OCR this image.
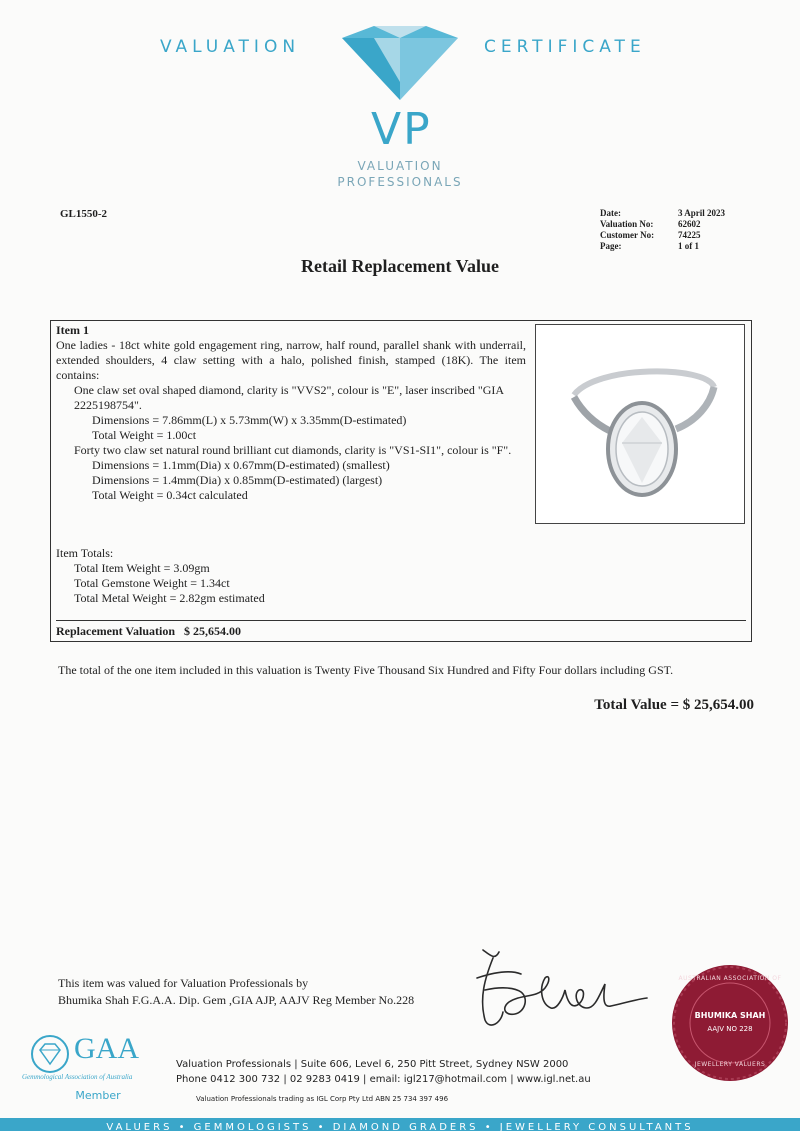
VALUATION	CERTIFICATE
VP
VALUATION
PROFESSIONALS
GL1550-2	Date:
Valuation No:
Customer No:
Page:
3 April 2023
62602
74225
1 of 1
Retail Replacement Value
Item 1
One ladies - 18ct white gold engagement ring, narrow, half round, parallel shank with underrail, extended shoulders, 4 claw setting with a halo, polished finish, stamped (18K). The item contains:
One claw set oval shaped diamond, clarity is "VVS2", colour is "E", laser inscribed "GIA 2225198754".
Dimensions = 7.86mm(L) x 5.73mm(W) x 3.35mm(D-estimated)
Total Weight = 1.00ct
Forty two claw set natural round brilliant cut diamonds, clarity is "VS1-SI1", colour is "F".
Dimensions = 1.1mm(Dia) x 0.67mm(D-estimated) (smallest)
Dimensions = 1.4mm(Dia) x 0.85mm(D-estimated) (largest)
Total Weight = 0.34ct calculated
Item Totals:
Total Item Weight = 3.09gm
Total Gemstone Weight = 1.34ct
Total Metal Weight = 2.82gm estimated
Replacement Valuation $ 25,654.00
The total of the one item included in this valuation is Twenty Five Thousand Six Hundred and Fifty Four dollars including GST.
Total Value = $ 25,654.00
This item was valued for Valuation Professionals by
Bhumika Shah F.G.A.A. Dip. Gem ,GIA AJP, AAJV Reg Member No.228
AUSTRALIAN ASSOCIATION OF
BHUMIKA SHAH
AAJV NO 228
JEWELLERY VALUERS
GAA
Gemmological Association of Australia
Member
Valuation Professionals | Suite 606, Level 6, 250 Pitt Street, Sydney NSW 2000
Phone 0412 300 732 | 02 9283 0419 | email: igl217@hotmail.com | www.igl.net.au
Valuation Professionals trading as IGL Corp Pty Ltd ABN 25 734 397 496
VALUERS • GEMMOLOGISTS • DIAMOND GRADERS • JEWELLERY CONSULTANTS
